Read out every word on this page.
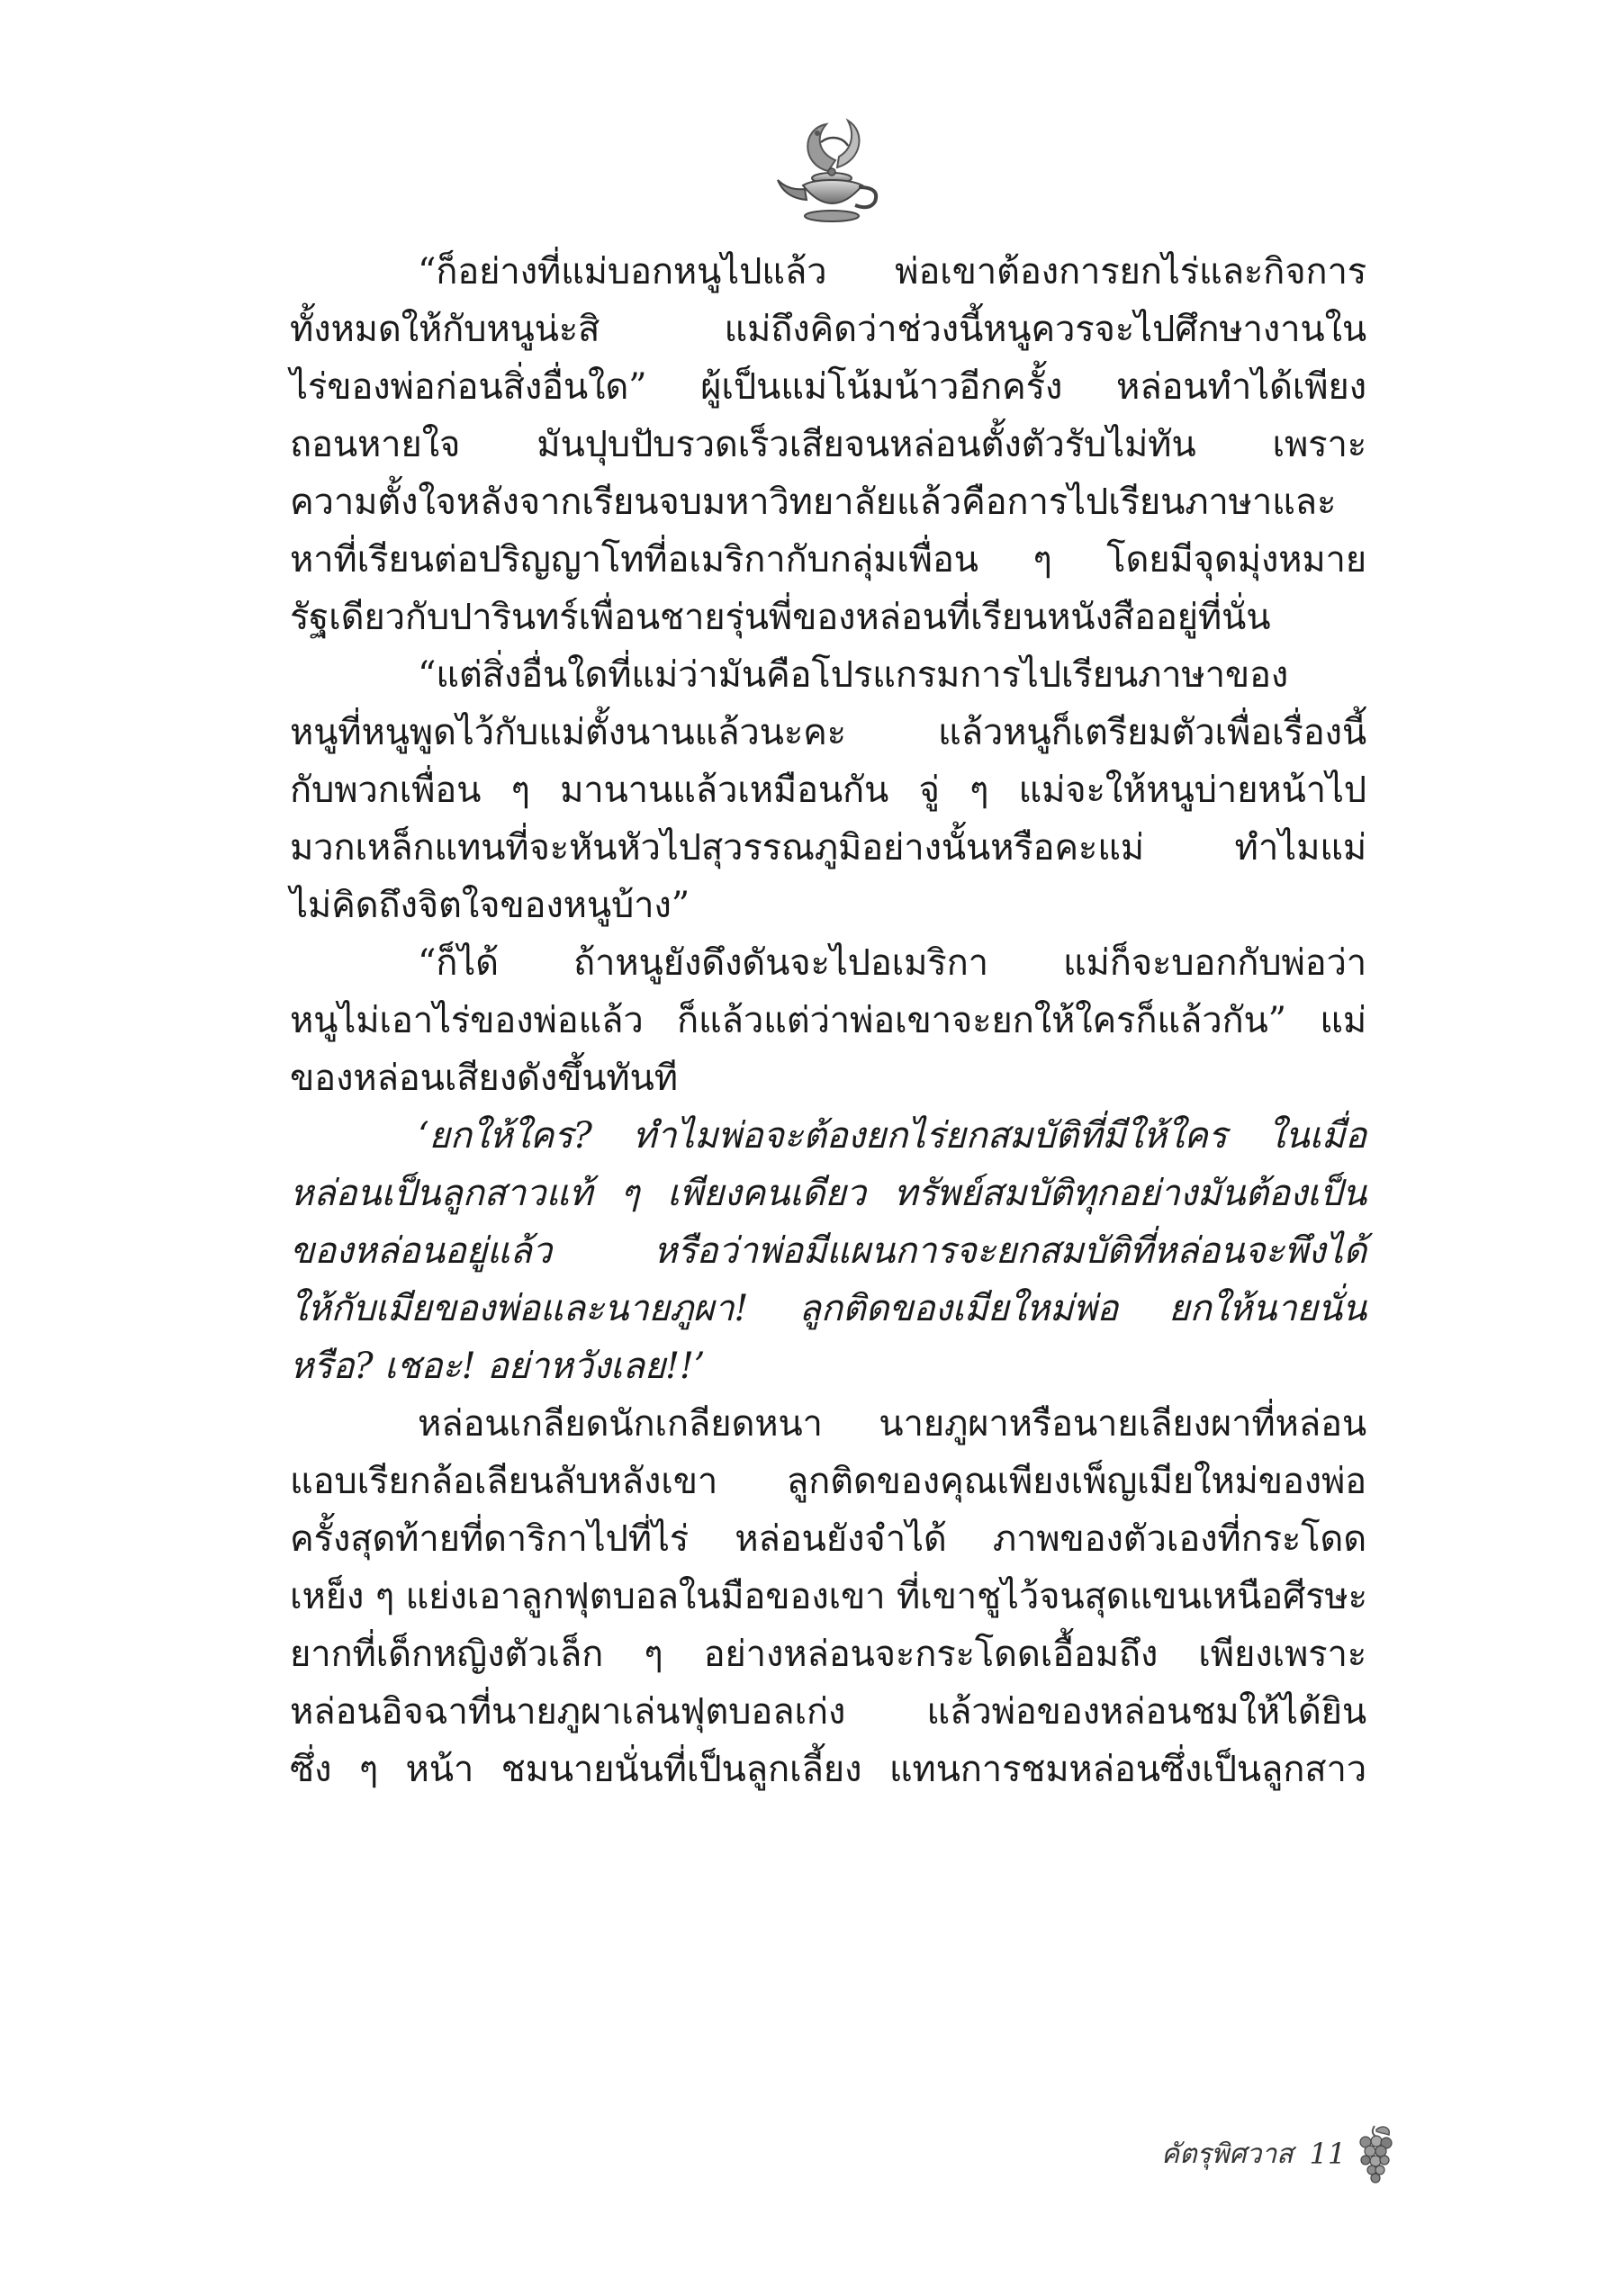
“ก็อย่างที่แม่บอกหนูไปแล้ว พ่อเขาต้องการยกไร่และกิจการ
ทั้งหมดให้กับหนูน่ะสิ แม่ถึงคิดว่าช่วงนี้หนูควรจะไปศึกษางานใน
ไร่ของพ่อก่อนสิ่งอื่นใด” ผู้เป็นแม่โน้มน้าวอีกครั้ง หล่อนทำได้เพียง
ถอนหายใจ มันปุบปับรวดเร็วเสียจนหล่อนตั้งตัวรับไม่ทัน เพราะ
ความตั้งใจหลังจากเรียนจบมหาวิทยาลัยแล้วคือการไปเรียนภาษาและ
หาที่เรียนต่อปริญญาโทที่อเมริกากับกลุ่มเพื่อน ๆ โดยมีจุดมุ่งหมาย
รัฐเดียวกับปารินทร์เพื่อนชายรุ่นพี่ของหล่อนที่เรียนหนังสืออยู่ที่นั่น
“แต่สิ่งอื่นใดที่แม่ว่ามันคือโปรแกรมการไปเรียนภาษาของ
หนูที่หนูพูดไว้กับแม่ตั้งนานแล้วนะคะ แล้วหนูก็เตรียมตัวเพื่อเรื่องนี้
กับพวกเพื่อน ๆ มานานแล้วเหมือนกัน จู่ ๆ แม่จะให้หนูบ่ายหน้าไป
มวกเหล็กแทนที่จะหันหัวไปสุวรรณภูมิอย่างนั้นหรือคะแม่ ทำไมแม่
ไม่คิดถึงจิตใจของหนูบ้าง”
“ก็ได้ ถ้าหนูยังดึงดันจะไปอเมริกา แม่ก็จะบอกกับพ่อว่า
หนูไม่เอาไร่ของพ่อแล้ว ก็แล้วแต่ว่าพ่อเขาจะยกให้ใครก็แล้วกัน” แม่
ของหล่อนเสียงดังขึ้นทันที
‘ยกให้ใคร? ทำไมพ่อจะต้องยกไร่ยกสมบัติที่มีให้ใคร ในเมื่อ
หล่อนเป็นลูกสาวแท้ ๆ เพียงคนเดียว ทรัพย์สมบัติทุกอย่างมันต้องเป็น
ของหล่อนอยู่แล้ว หรือว่าพ่อมีแผนการจะยกสมบัติที่หล่อนจะพึงได้
ให้กับเมียของพ่อและนายภูผา! ลูกติดของเมียใหม่พ่อ ยกให้นายนั่น
หรือ? เชอะ! อย่าหวังเลย!!’
หล่อนเกลียดนักเกลียดหนา นายภูผาหรือนายเลียงผาที่หล่อน
แอบเรียกล้อเลียนลับหลังเขา ลูกติดของคุณเพียงเพ็ญเมียใหม่ของพ่อ
ครั้งสุดท้ายที่ดาริกาไปที่ไร่ หล่อนยังจำได้ ภาพของตัวเองที่กระโดด
เหย็ง ๆ แย่งเอาลูกฟุตบอลในมือของเขา ที่เขาชูไว้จนสุดแขนเหนือศีรษะ
ยากที่เด็กหญิงตัวเล็ก ๆ อย่างหล่อนจะกระโดดเอื้อมถึง เพียงเพราะ
หล่อนอิจฉาที่นายภูผาเล่นฟุตบอลเก่ง แล้วพ่อของหล่อนชมให้ได้ยิน
ซึ่ง ๆ หน้า ชมนายนั่นที่เป็นลูกเลี้ยง แทนการชมหล่อนซึ่งเป็นลูกสาว
คัตรุพิศวาส 11
